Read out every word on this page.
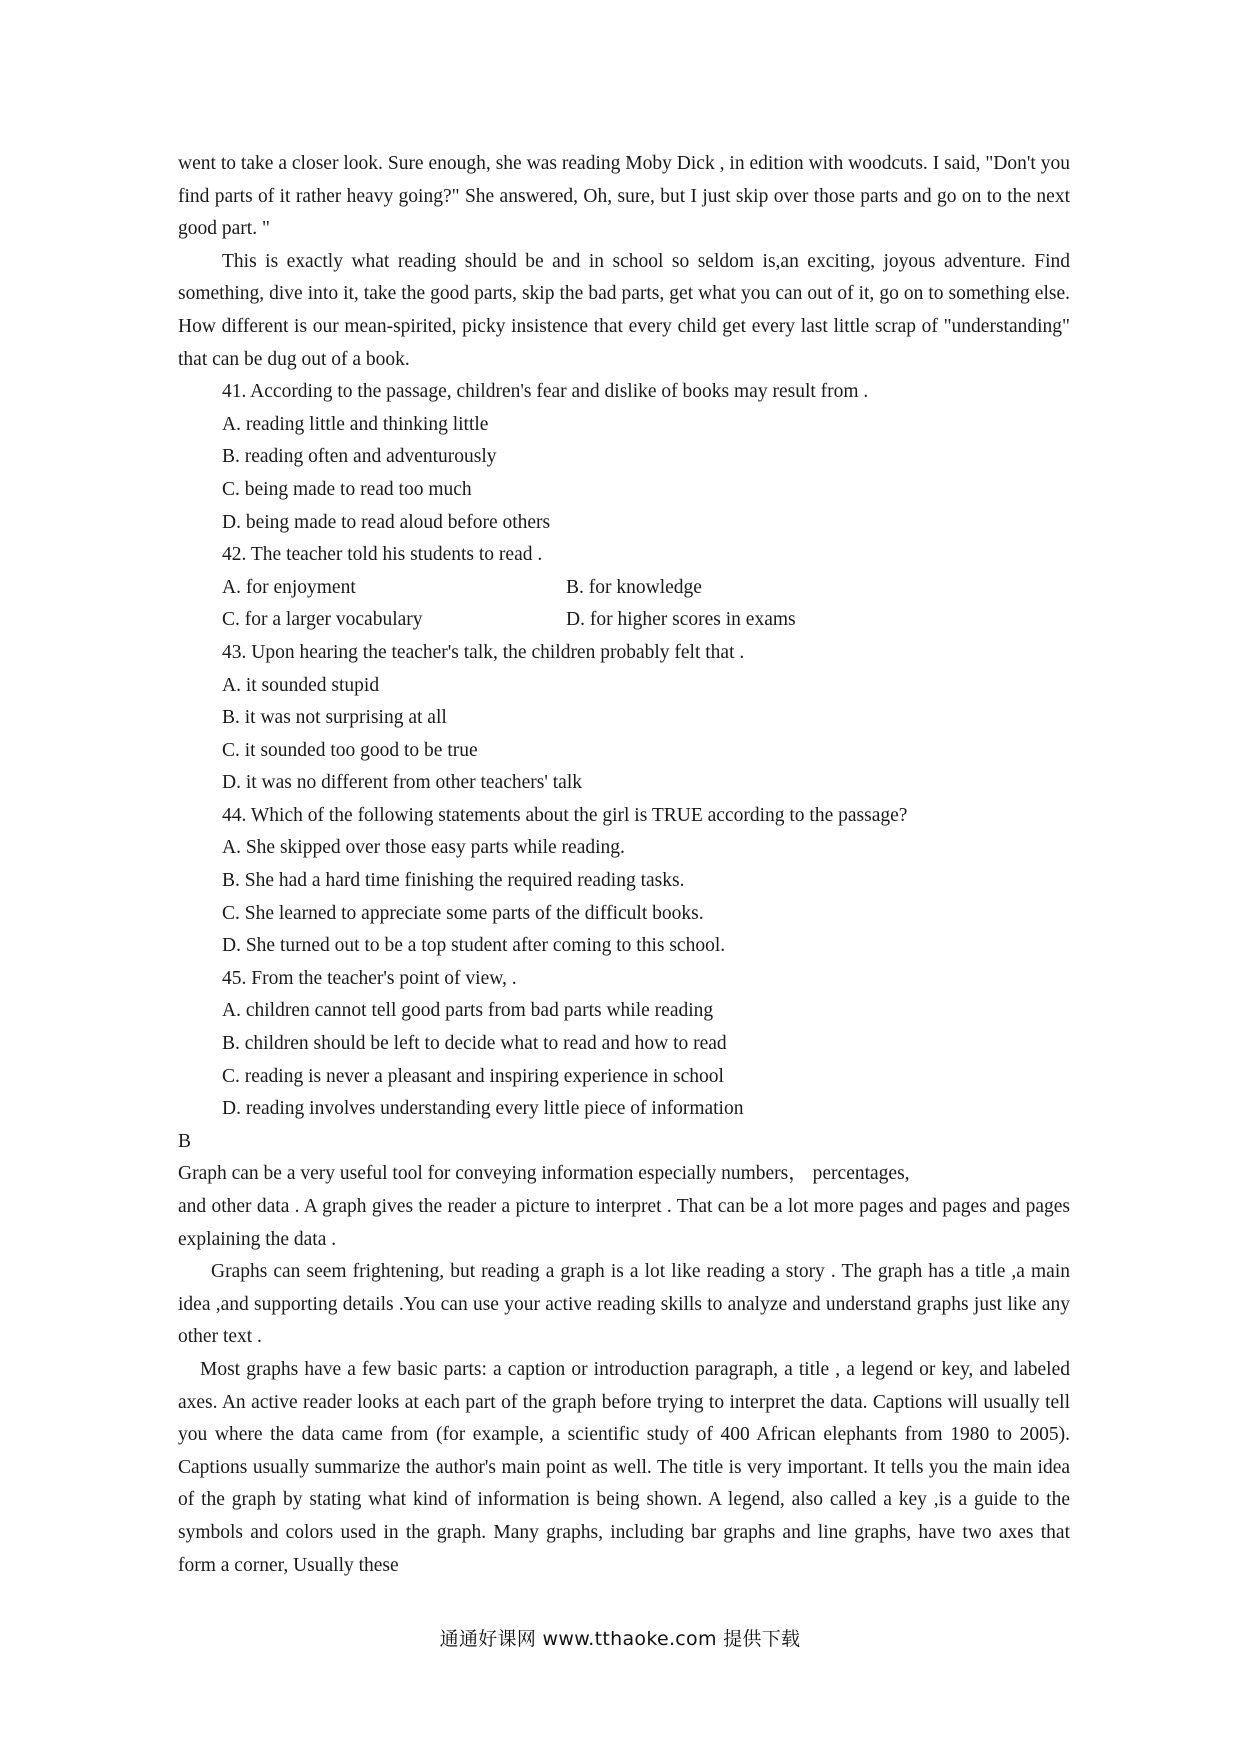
went to take a closer look. Sure enough, she was reading Moby Dick , in edition with woodcuts. I said, "Don't you find parts of it rather heavy going?" She answered, Oh, sure, but I just skip over those parts and go on to the next good part. "

This is exactly what reading should be and in school so seldom is,an exciting, joyous adventure. Find something, dive into it, take the good parts, skip the bad parts, get what you can out of it, go on to something else. How different is our mean-spirited, picky insistence that every child get every last little scrap of "understanding" that can be dug out of a book.

41. According to the passage, children's fear and dislike of books may result from .

A. reading little and thinking little

B. reading often and adventurously

C. being made to read too much

D. being made to read aloud before others

42. The teacher told his students to read .

A. for enjoyment	B. for knowledge
C. for a larger vocabulary	D. for higher scores in exams

43. Upon hearing the teacher's talk, the children probably felt that .

A. it sounded stupid

B. it was not surprising at all

C. it sounded too good to be true

D. it was no different from other teachers' talk

44. Which of the following statements about the girl is TRUE according to the passage?

A. She skipped over those easy parts while reading.

B. She had a hard time finishing the required reading tasks.

C. She learned to appreciate some parts of the difficult books.

D. She turned out to be a top student after coming to this school.

45. From the teacher's point of view, .

A. children cannot tell good parts from bad parts while reading

B. children should be left to decide what to read and how to read

C. reading is never a pleasant and inspiring experience in school

D. reading involves understanding every little piece of information

B

Graph can be a very useful tool for conveying information especially numbers， percentages,

and other data . A graph gives the reader a picture to interpret . That can be a lot more pages and pages and pages explaining the data .

Graphs can seem frightening, but reading a graph is a lot like reading a story . The graph has a title ,a main idea ,and supporting details .You can use your active reading skills to analyze and understand graphs just like any other text .

Most graphs have a few basic parts: a caption or introduction paragraph, a title , a legend or key, and labeled axes. An active reader looks at each part of the graph before trying to interpret the data. Captions will usually tell you where the data came from (for example, a scientific study of 400 African elephants from 1980 to 2005). Captions usually summarize the author's main point as well. The title is very important. It tells you the main idea of the graph by stating what kind of information is being shown. A legend, also called a key ,is a guide to the symbols and colors used in the graph. Many graphs, including bar graphs and line graphs, have two axes that form a corner, Usually these

通通好课网 www.tthaoke.com 提供下载
